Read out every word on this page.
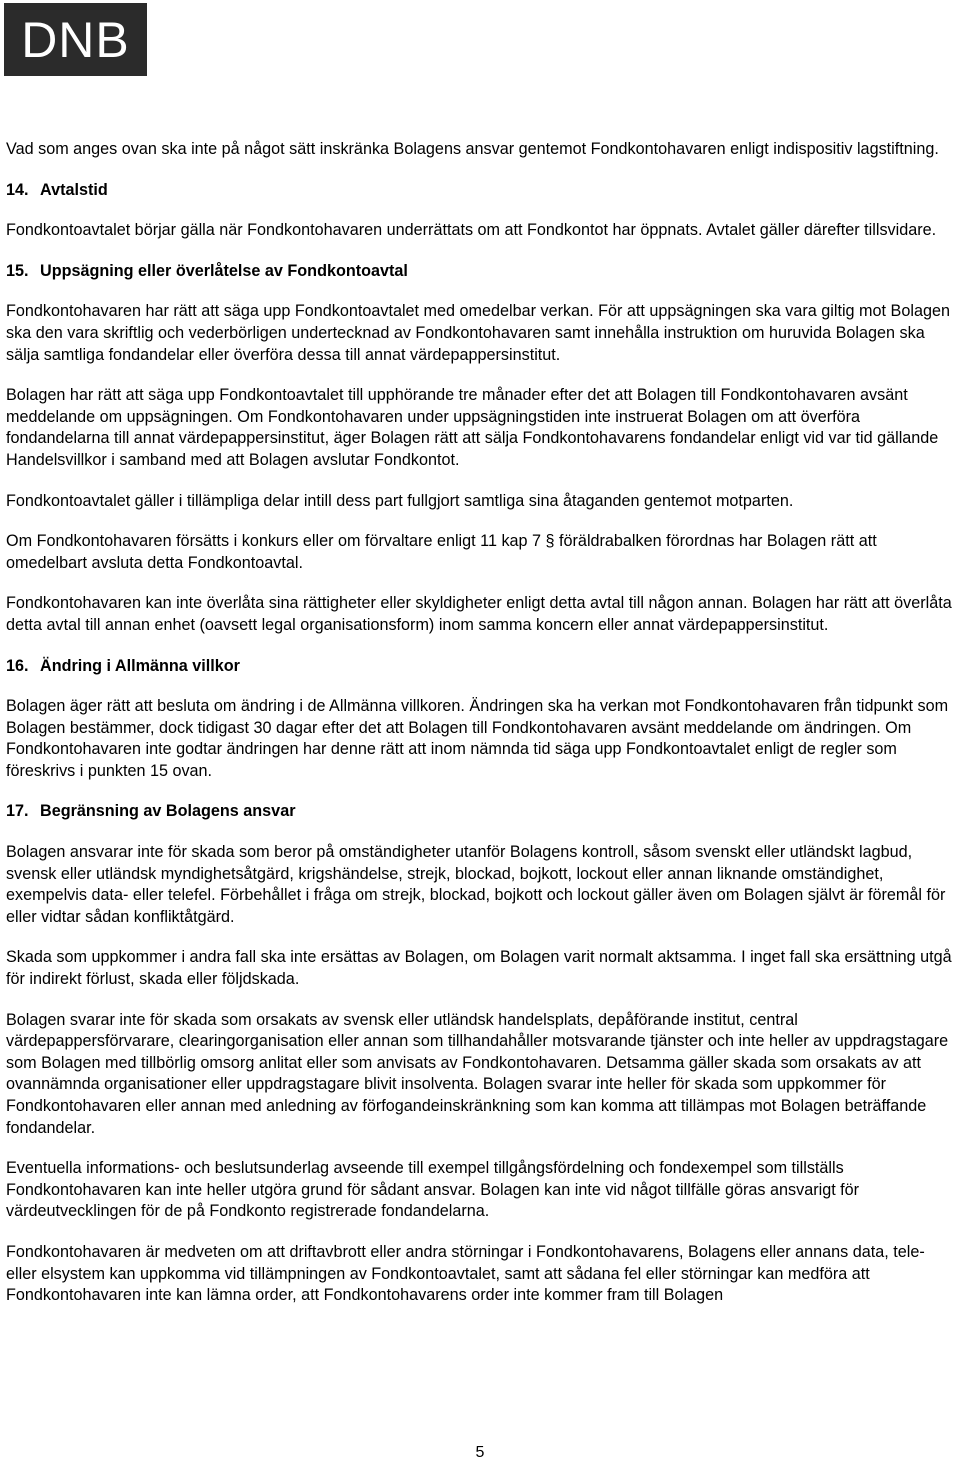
DNB

Vad som anges ovan ska inte på något sätt inskränka Bolagens ansvar gentemot Fondkontohavaren enligt indispositiv lagstiftning.

14. Avtalstid

Fondkontoavtalet börjar gälla när Fondkontohavaren underrättats om att Fondkontot har öppnats. Avtalet gäller därefter tillsvidare.

15. Uppsägning eller överlåtelse av Fondkontoavtal

Fondkontohavaren har rätt att säga upp Fondkontoavtalet med omedelbar verkan. För att uppsägningen ska vara giltig mot Bolagen ska den vara skriftlig och vederbörligen undertecknad av Fondkontohavaren samt innehålla instruktion om huruvida Bolagen ska sälja samtliga fondandelar eller överföra dessa till annat värdepappersinstitut.

Bolagen har rätt att säga upp Fondkontoavtalet till upphörande tre månader efter det att Bolagen till Fondkontohavaren avsänt meddelande om uppsägningen. Om Fondkontohavaren under uppsägningstiden inte instruerat Bolagen om att överföra fondandelarna till annat värdepappersinstitut, äger Bolagen rätt att sälja Fondkontohavarens fondandelar enligt vid var tid gällande Handelsvillkor i samband med att Bolagen avslutar Fondkontot.

Fondkontoavtalet gäller i tillämpliga delar intill dess part fullgjort samtliga sina åtaganden gentemot motparten.

Om Fondkontohavaren försätts i konkurs eller om förvaltare enligt 11 kap 7 § föräldrabalken förordnas har Bolagen rätt att omedelbart avsluta detta Fondkontoavtal.

Fondkontohavaren kan inte överlåta sina rättigheter eller skyldigheter enligt detta avtal till någon annan. Bolagen har rätt att överlåta detta avtal till annan enhet (oavsett legal organisationsform) inom samma koncern eller annat värdepappersinstitut.

16. Ändring i Allmänna villkor

Bolagen äger rätt att besluta om ändring i de Allmänna villkoren. Ändringen ska ha verkan mot Fondkontohavaren från tidpunkt som Bolagen bestämmer, dock tidigast 30 dagar efter det att Bolagen till Fondkontohavaren avsänt meddelande om ändringen. Om Fondkontohavaren inte godtar ändringen har denne rätt att inom nämnda tid säga upp Fondkontoavtalet enligt de regler som föreskrivs i punkten 15 ovan.

17. Begränsning av Bolagens ansvar

Bolagen ansvarar inte för skada som beror på omständigheter utanför Bolagens kontroll, såsom svenskt eller utländskt lagbud, svensk eller utländsk myndighetsåtgärd, krigshändelse, strejk, blockad, bojkott, lockout eller annan liknande omständighet, exempelvis data- eller telefel. Förbehållet i fråga om strejk, blockad, bojkott och lockout gäller även om Bolagen självt är föremål för eller vidtar sådan konfliktåtgärd.

Skada som uppkommer i andra fall ska inte ersättas av Bolagen, om Bolagen varit normalt aktsamma. I inget fall ska ersättning utgå för indirekt förlust, skada eller följdskada.

Bolagen svarar inte för skada som orsakats av svensk eller utländsk handelsplats, depåförande institut, central värdepappersförvarare, clearingorganisation eller annan som tillhandahåller motsvarande tjänster och inte heller av uppdragstagare som Bolagen med tillbörlig omsorg anlitat eller som anvisats av Fondkontohavaren. Detsamma gäller skada som orsakats av att ovannämnda organisationer eller uppdragstagare blivit insolventa. Bolagen svarar inte heller för skada som uppkommer för Fondkontohavaren eller annan med anledning av förfogandeinskränkning som kan komma att tillämpas mot Bolagen beträffande fondandelar.

Eventuella informations- och beslutsunderlag avseende till exempel tillgångsfördelning och fondexempel som tillställs Fondkontohavaren kan inte heller utgöra grund för sådant ansvar. Bolagen kan inte vid något tillfälle göras ansvarigt för värdeutvecklingen för de på Fondkonto registrerade fondandelarna.

Fondkontohavaren är medveten om att driftavbrott eller andra störningar i Fondkontohavarens, Bolagens eller annans data, tele- eller elsystem kan uppkomma vid tillämpningen av Fondkontoavtalet, samt att sådana fel eller störningar kan medföra att Fondkontohavaren inte kan lämna order, att Fondkontohavarens order inte kommer fram till Bolagen

5
